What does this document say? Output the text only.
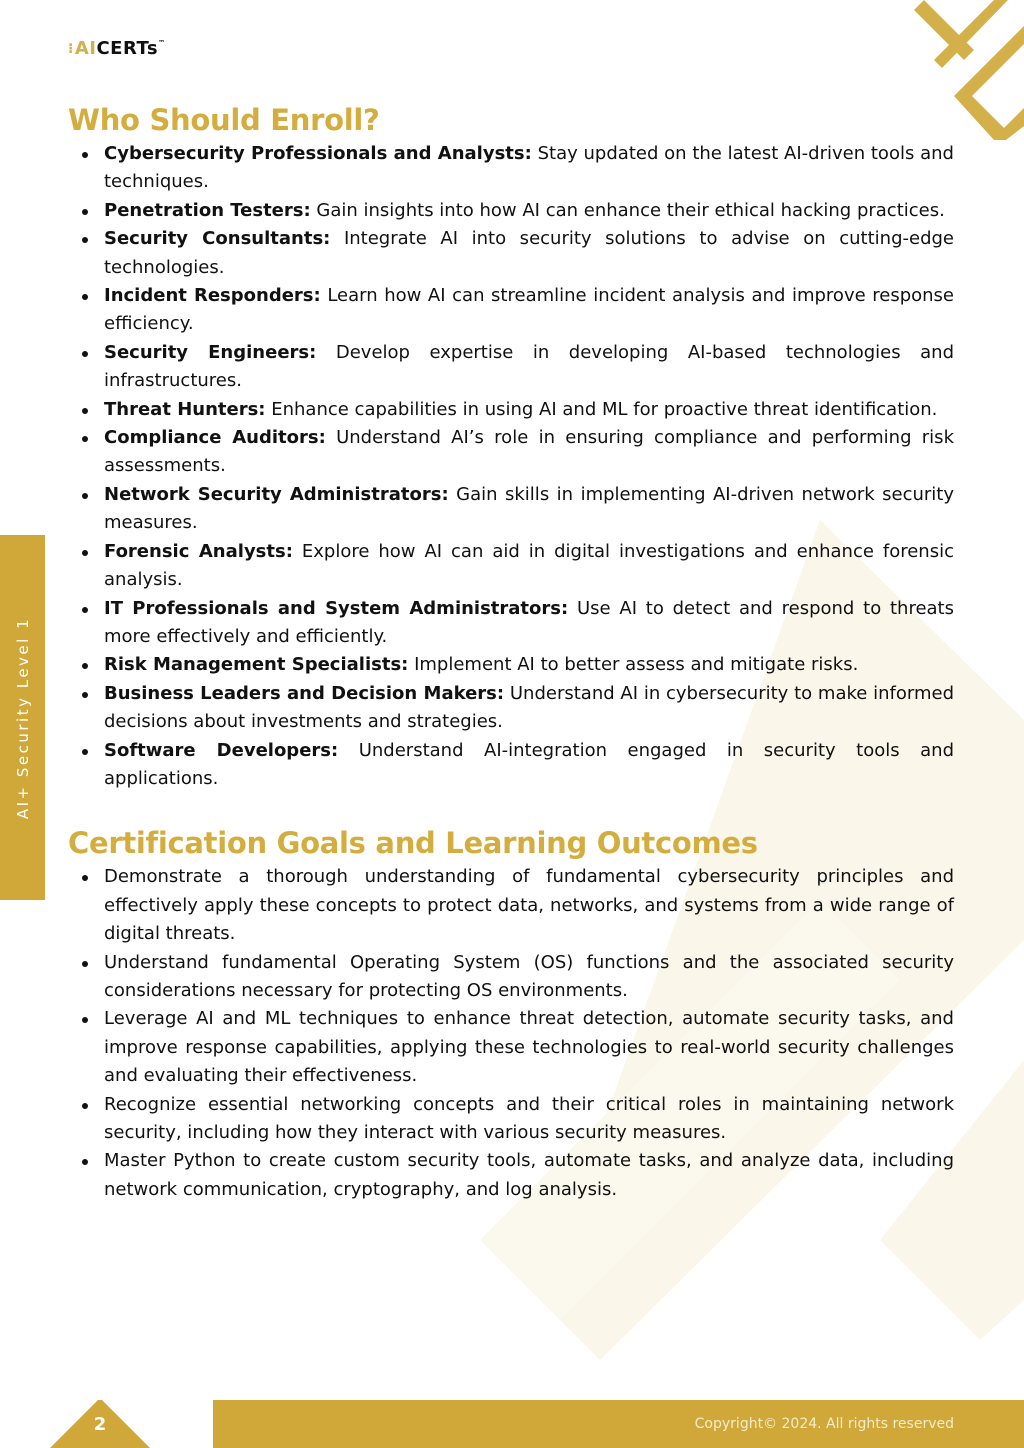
⁝ AI CERTs ™
AI+ Security Level 1
Who Should Enroll?
Cybersecurity Professionals and Analysts: Stay updated on the latest AI-driven tools and techniques.
Penetration Testers: Gain insights into how AI can enhance their ethical hacking practices.
Security Consultants: Integrate AI into security solutions to advise on cutting-edge technologies.
Incident Responders: Learn how AI can streamline incident analysis and improve response efficiency.
Security Engineers: Develop expertise in developing AI-based technologies and infrastructures.
Threat Hunters: Enhance capabilities in using AI and ML for proactive threat identification.
Compliance Auditors: Understand AI’s role in ensuring compliance and performing risk assessments.
Network Security Administrators: Gain skills in implementing AI-driven network security measures.
Forensic Analysts: Explore how AI can aid in digital investigations and enhance forensic analysis.
IT Professionals and System Administrators: Use AI to detect and respond to threats more effectively and efficiently.
Risk Management Specialists: Implement AI to better assess and mitigate risks.
Business Leaders and Decision Makers: Understand AI in cybersecurity to make informed decisions about investments and strategies.
Software Developers: Understand AI-integration engaged in security tools and applications.
Certification Goals and Learning Outcomes
Demonstrate a thorough understanding of fundamental cybersecurity principles and effectively apply these concepts to protect data, networks, and systems from a wide range of digital threats.
Understand fundamental Operating System (OS) functions and the associated security considerations necessary for protecting OS environments.
Leverage AI and ML techniques to enhance threat detection, automate security tasks, and improve response capabilities, applying these technologies to real-world security challenges and evaluating their effectiveness.
Recognize essential networking concepts and their critical roles in maintaining network security, including how they interact with various security measures.
Master Python to create custom security tools, automate tasks, and analyze data, including network communication, cryptography, and log analysis.
2	Copyright© 2024. All rights reserved
